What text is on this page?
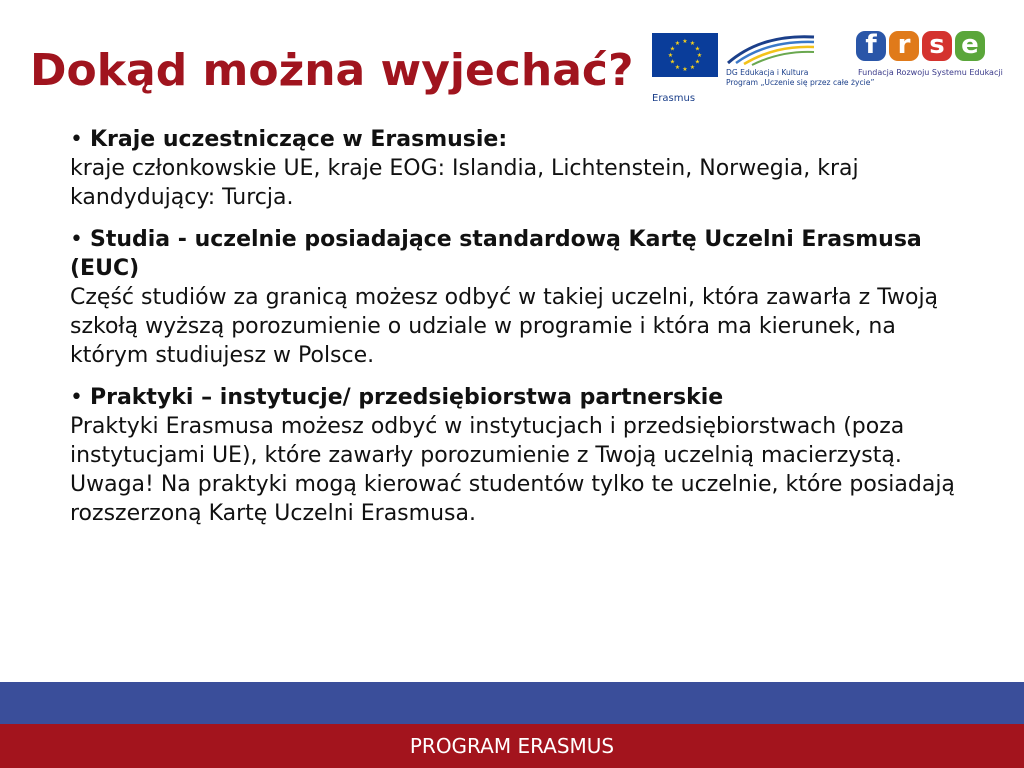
Dokąd można wyjechać?
★ ★
★
★
★
★
★
★
★
★
★
★
DG Edukacja i Kultura
Program „Uczenie się przez całe życie”
Erasmus
f r s e
Fundacja Rozwoju Systemu Edukacji
• Kraje uczestniczące w Erasmusie:
kraje członkowskie UE, kraje EOG: Islandia, Lichtenstein, Norwegia, kraj kandydujący: Turcja.
• Studia - uczelnie posiadające standardową Kartę Uczelni Erasmusa (EUC)
Część studiów za granicą możesz odbyć w takiej uczelni, która zawarła z Twoją szkołą wyższą porozumienie o udziale w programie i która ma kierunek, na którym studiujesz w Polsce.
• Praktyki – instytucje/ przedsiębiorstwa partnerskie
Praktyki Erasmusa możesz odbyć w instytucjach i przedsiębiorstwach (poza instytucjami UE), które zawarły porozumienie z Twoją uczelnią macierzystą. Uwaga! Na praktyki mogą kierować studentów tylko te uczelnie, które posiadają rozszerzoną Kartę Uczelni Erasmusa.
PROGRAM ERASMUS
